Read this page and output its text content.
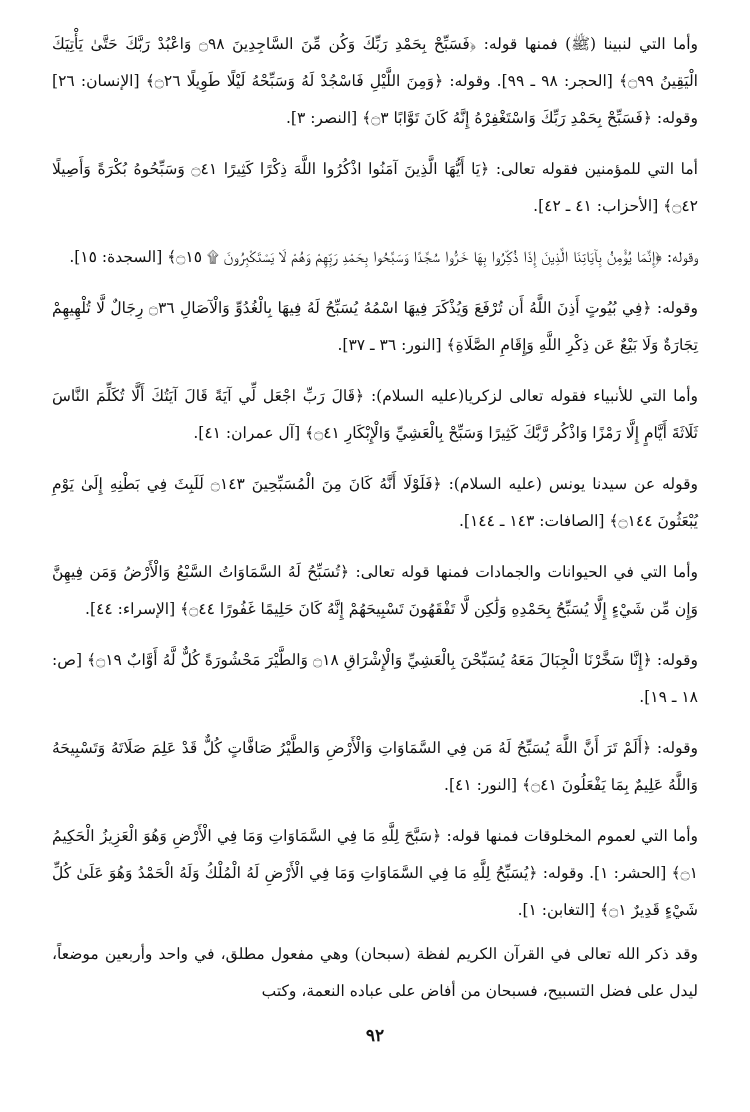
وأما التي لنبينا (ﷺ) فمنها قوله: ﴿فَسَبِّحْ بِحَمْدِ رَبِّكَ وَكُن مِّنَ السَّاجِدِينَ ۝٩٨ وَاعْبُدْ رَبَّكَ حَتَّىٰ يَأْتِيَكَ الْيَقِينُ ۝٩٩﴾ [الحجر: ٩٨ ـ ٩٩]. وقوله: ﴿وَمِنَ اللَّيْلِ فَاسْجُدْ لَهُ وَسَبِّحْهُ لَيْلًا طَوِيلًا ۝٢٦﴾ [الإنسان: ٢٦] وقوله: ﴿فَسَبِّحْ بِحَمْدِ رَبِّكَ وَاسْتَغْفِرْهُ إِنَّهُ كَانَ تَوَّابًا ۝٣﴾ [النصر: ٣].

أما التي للمؤمنين فقوله تعالى: ﴿يَا أَيُّهَا الَّذِينَ آمَنُوا اذْكُرُوا اللَّهَ ذِكْرًا كَثِيرًا ۝٤١ وَسَبِّحُوهُ بُكْرَةً وَأَصِيلًا ۝٤٢﴾ [الأحزاب: ٤١ ـ ٤٢].

وقوله: ﴿إِنَّمَا يُؤْمِنُ بِآيَاتِنَا الَّذِينَ إِذَا ذُكِّرُوا بِهَا خَرُّوا سُجَّدًا وَسَبَّحُوا بِحَمْدِ رَبِّهِمْ وَهُمْ لَا يَسْتَكْبِرُونَ ۩ ۝١٥﴾ [السجدة: ١٥].

وقوله: ﴿فِي بُيُوتٍ أَذِنَ اللَّهُ أَن تُرْفَعَ وَيُذْكَرَ فِيهَا اسْمُهُ يُسَبِّحُ لَهُ فِيهَا بِالْغُدُوِّ وَالْآصَالِ ۝٣٦ رِجَالٌ لَّا تُلْهِيهِمْ تِجَارَةٌ وَلَا بَيْعٌ عَن ذِكْرِ اللَّهِ وَإِقَامِ الصَّلَاةِ﴾ [النور: ٣٦ ـ ٣٧].

وأما التي للأنبياء فقوله تعالى لزكريا(عليه السلام): ﴿قَالَ رَبِّ اجْعَل لِّي آيَةً قَالَ آيَتُكَ أَلَّا تُكَلِّمَ النَّاسَ ثَلَاثَةَ أَيَّامٍ إِلَّا رَمْزًا وَاذْكُر رَّبَّكَ كَثِيرًا وَسَبِّحْ بِالْعَشِيِّ وَالْإِبْكَارِ ۝٤١﴾ [آل عمران: ٤١].

وقوله عن سيدنا يونس (عليه السلام): ﴿فَلَوْلَا أَنَّهُ كَانَ مِنَ الْمُسَبِّحِينَ ۝١٤٣ لَلَبِثَ فِي بَطْنِهِ إِلَىٰ يَوْمِ يُبْعَثُونَ ۝١٤٤﴾ [الصافات: ١٤٣ ـ ١٤٤].

وأما التي في الحيوانات والجمادات فمنها قوله تعالى: ﴿تُسَبِّحُ لَهُ السَّمَاوَاتُ السَّبْعُ وَالْأَرْضُ وَمَن فِيهِنَّ وَإِن مِّن شَيْءٍ إِلَّا يُسَبِّحُ بِحَمْدِهِ وَلَٰكِن لَّا تَفْقَهُونَ تَسْبِيحَهُمْ إِنَّهُ كَانَ حَلِيمًا غَفُورًا ۝٤٤﴾ [الإسراء: ٤٤].

وقوله: ﴿إِنَّا سَخَّرْنَا الْجِبَالَ مَعَهُ يُسَبِّحْنَ بِالْعَشِيِّ وَالْإِشْرَاقِ ۝١٨ وَالطَّيْرَ مَحْشُورَةً كُلٌّ لَّهُ أَوَّابٌ ۝١٩﴾ [ص: ١٨ ـ ١٩].

وقوله: ﴿أَلَمْ تَرَ أَنَّ اللَّهَ يُسَبِّحُ لَهُ مَن فِي السَّمَاوَاتِ وَالْأَرْضِ وَالطَّيْرُ صَافَّاتٍ كُلٌّ قَدْ عَلِمَ صَلَاتَهُ وَتَسْبِيحَهُ وَاللَّهُ عَلِيمٌ بِمَا يَفْعَلُونَ ۝٤١﴾ [النور: ٤١].

وأما التي لعموم المخلوقات فمنها قوله: ﴿سَبَّحَ لِلَّهِ مَا فِي السَّمَاوَاتِ وَمَا فِي الْأَرْضِ وَهُوَ الْعَزِيزُ الْحَكِيمُ ۝١﴾ [الحشر: ١]. وقوله: ﴿يُسَبِّحُ لِلَّهِ مَا فِي السَّمَاوَاتِ وَمَا فِي الْأَرْضِ لَهُ الْمُلْكُ وَلَهُ الْحَمْدُ وَهُوَ عَلَىٰ كُلِّ شَيْءٍ قَدِيرٌ ۝١﴾ [التغابن: ١].

وقد ذكر الله تعالى في القرآن الكريم لفظة (سبحان) وهي مفعول مطلق، في واحد وأربعين موضعاً، ليدل على فضل التسبيح، فسبحان من أفاض على عباده النعمة، وكتب

٩٢
